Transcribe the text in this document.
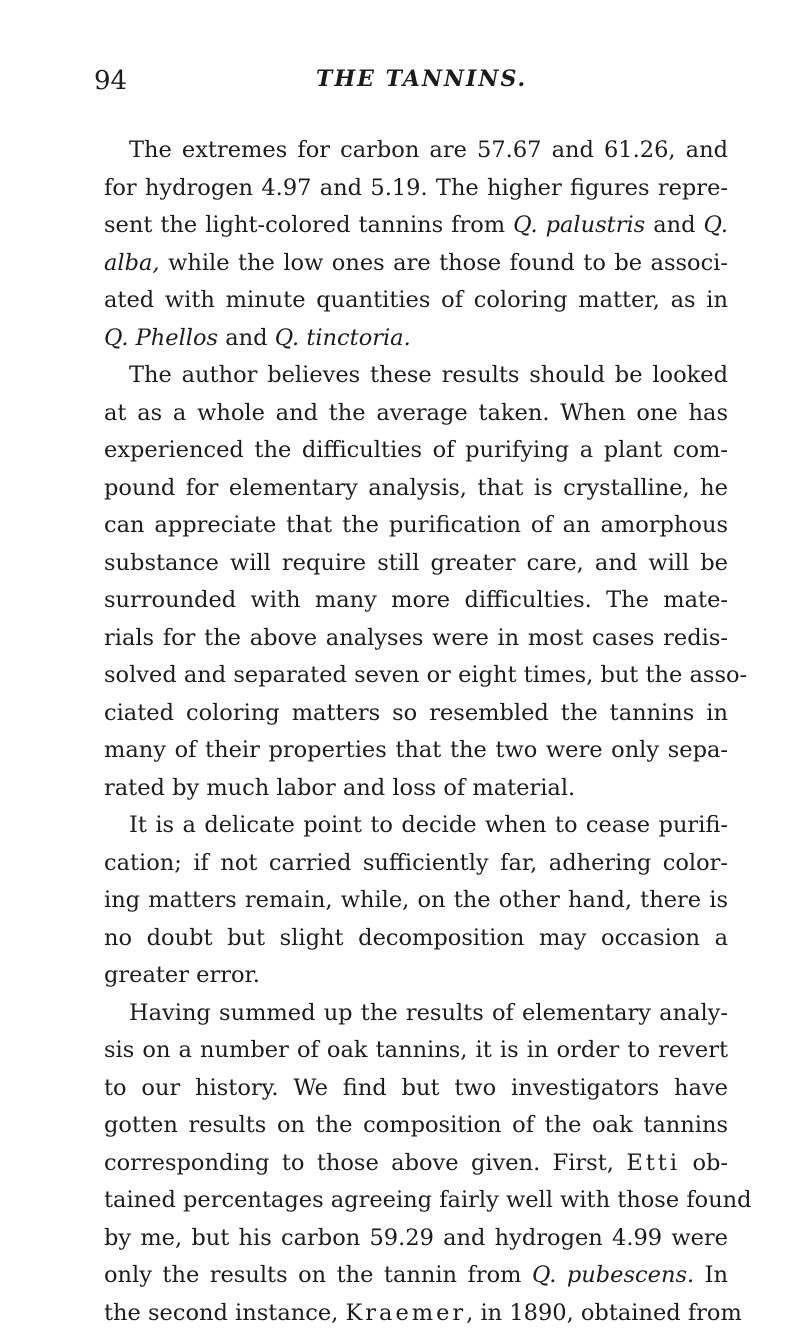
94	THE TANNINS.
The extremes for carbon are 57.67 and 61.26, and
for hydrogen 4.97 and 5.19. The higher figures repre-
sent the light-colored tannins from Q. palustris and Q.
alba, while the low ones are those found to be associ-
ated with minute quantities of coloring matter, as in
Q. Phellos and Q. tinctoria.
The author believes these results should be looked
at as a whole and the average taken. When one has
experienced the difficulties of purifying a plant com-
pound for elementary analysis, that is crystalline, he
can appreciate that the purification of an amorphous
substance will require still greater care, and will be
surrounded with many more difficulties. The mate-
rials for the above analyses were in most cases redis-
solved and separated seven or eight times, but the asso-
ciated coloring matters so resembled the tannins in
many of their properties that the two were only sepa-
rated by much labor and loss of material.
It is a delicate point to decide when to cease purifi-
cation; if not carried sufficiently far, adhering color-
ing matters remain, while, on the other hand, there is
no doubt but slight decomposition may occasion a
greater error.
Having summed up the results of elementary analy-
sis on a number of oak tannins, it is in order to revert
to our history. We find but two investigators have
gotten results on the composition of the oak tannins
corresponding to those above given. First, Etti ob-
tained percentages agreeing fairly well with those found
by me, but his carbon 59.29 and hydrogen 4.99 were
only the results on the tannin from Q. pubescens. In
the second instance, Kraemer, in 1890, obtained from
